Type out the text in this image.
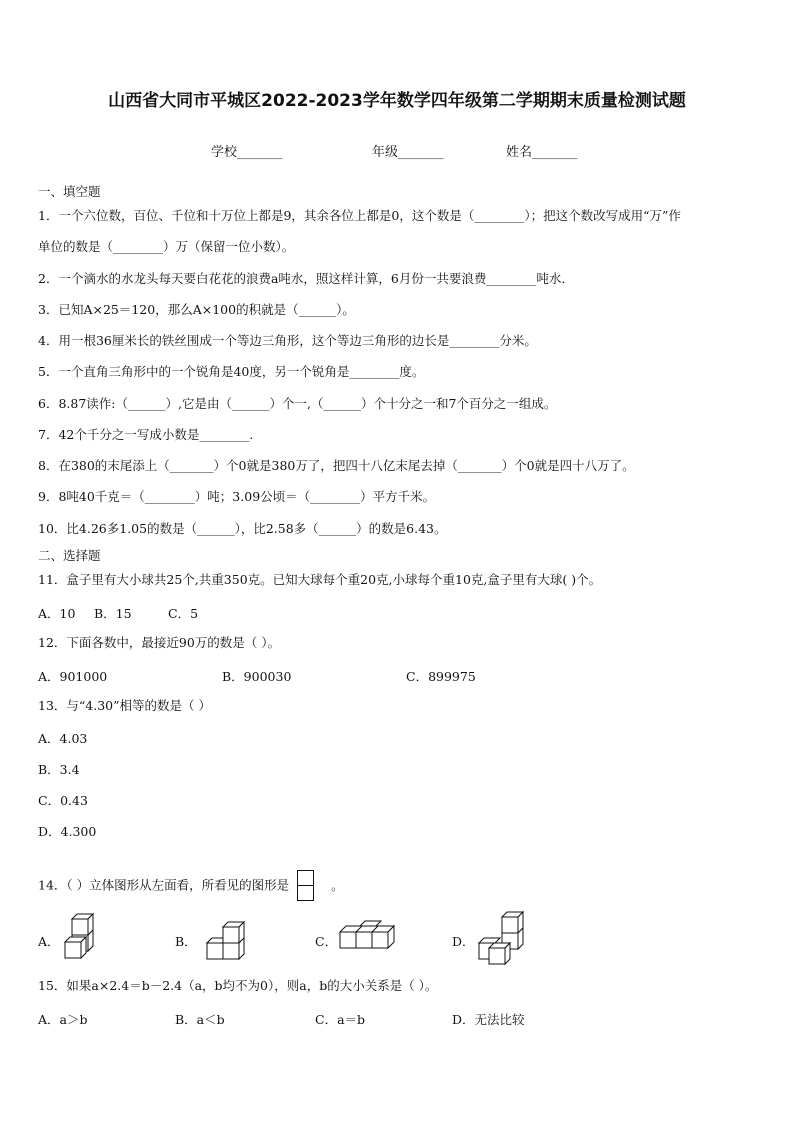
山西省大同市平城区2022-2023学年数学四年级第二学期期末质量检测试题
学校_______	年级_______	姓名_______
一、填空题
1．一个六位数，百位、千位和十万位上都是9，其余各位上都是0，这个数是（________）；把这个数改写成用“万”作
单位的数是（________）万（保留一位小数）。
2．一个滴水的水龙头每天要白花花的浪费a吨水，照这样计算，6月份一共要浪费________吨水．
3．已知A×25＝120，那么A×100的积就是（______）。
4．用一根36厘米长的铁丝围成一个等边三角形，这个等边三角形的边长是________分米。
5．一个直角三角形中的一个锐角是40度，另一个锐角是________度。
6．8.87读作:（______）,它是由（______）个一,（______）个十分之一和7个百分之一组成。
7．42个千分之一写成小数是________.
8．在380的末尾添上（_______）个0就是380万了，把四十八亿末尾去掉（_______）个0就是四十八万了。
9．8吨40千克＝（________）吨；3.09公顷＝（________）平方千米。
10．比4.26多1.05的数是（______），比2.58多（______）的数是6.43。
二、选择题
11．盒子里有大小球共25个,共重350克。已知大球每个重20克,小球每个重10克,盒子里有大球( )个。
A．10 B．15	C．5
12．下面各数中，最接近90万的数是（ ）。
A．901000	B．900030	C．899975
13．与“4.30”相等的数是（ ）
A．4.03
B．3.4
C．0.43
D．4.300
14．（ ）立体图形从左面看，所看见的图形是	。
A．	B．	C．	D．
15．如果a×2.4＝b－2.4（a，b均不为0），则a，b的大小关系是（ ）。
A．a＞b	B．a＜b	C．a＝b	D．无法比较
